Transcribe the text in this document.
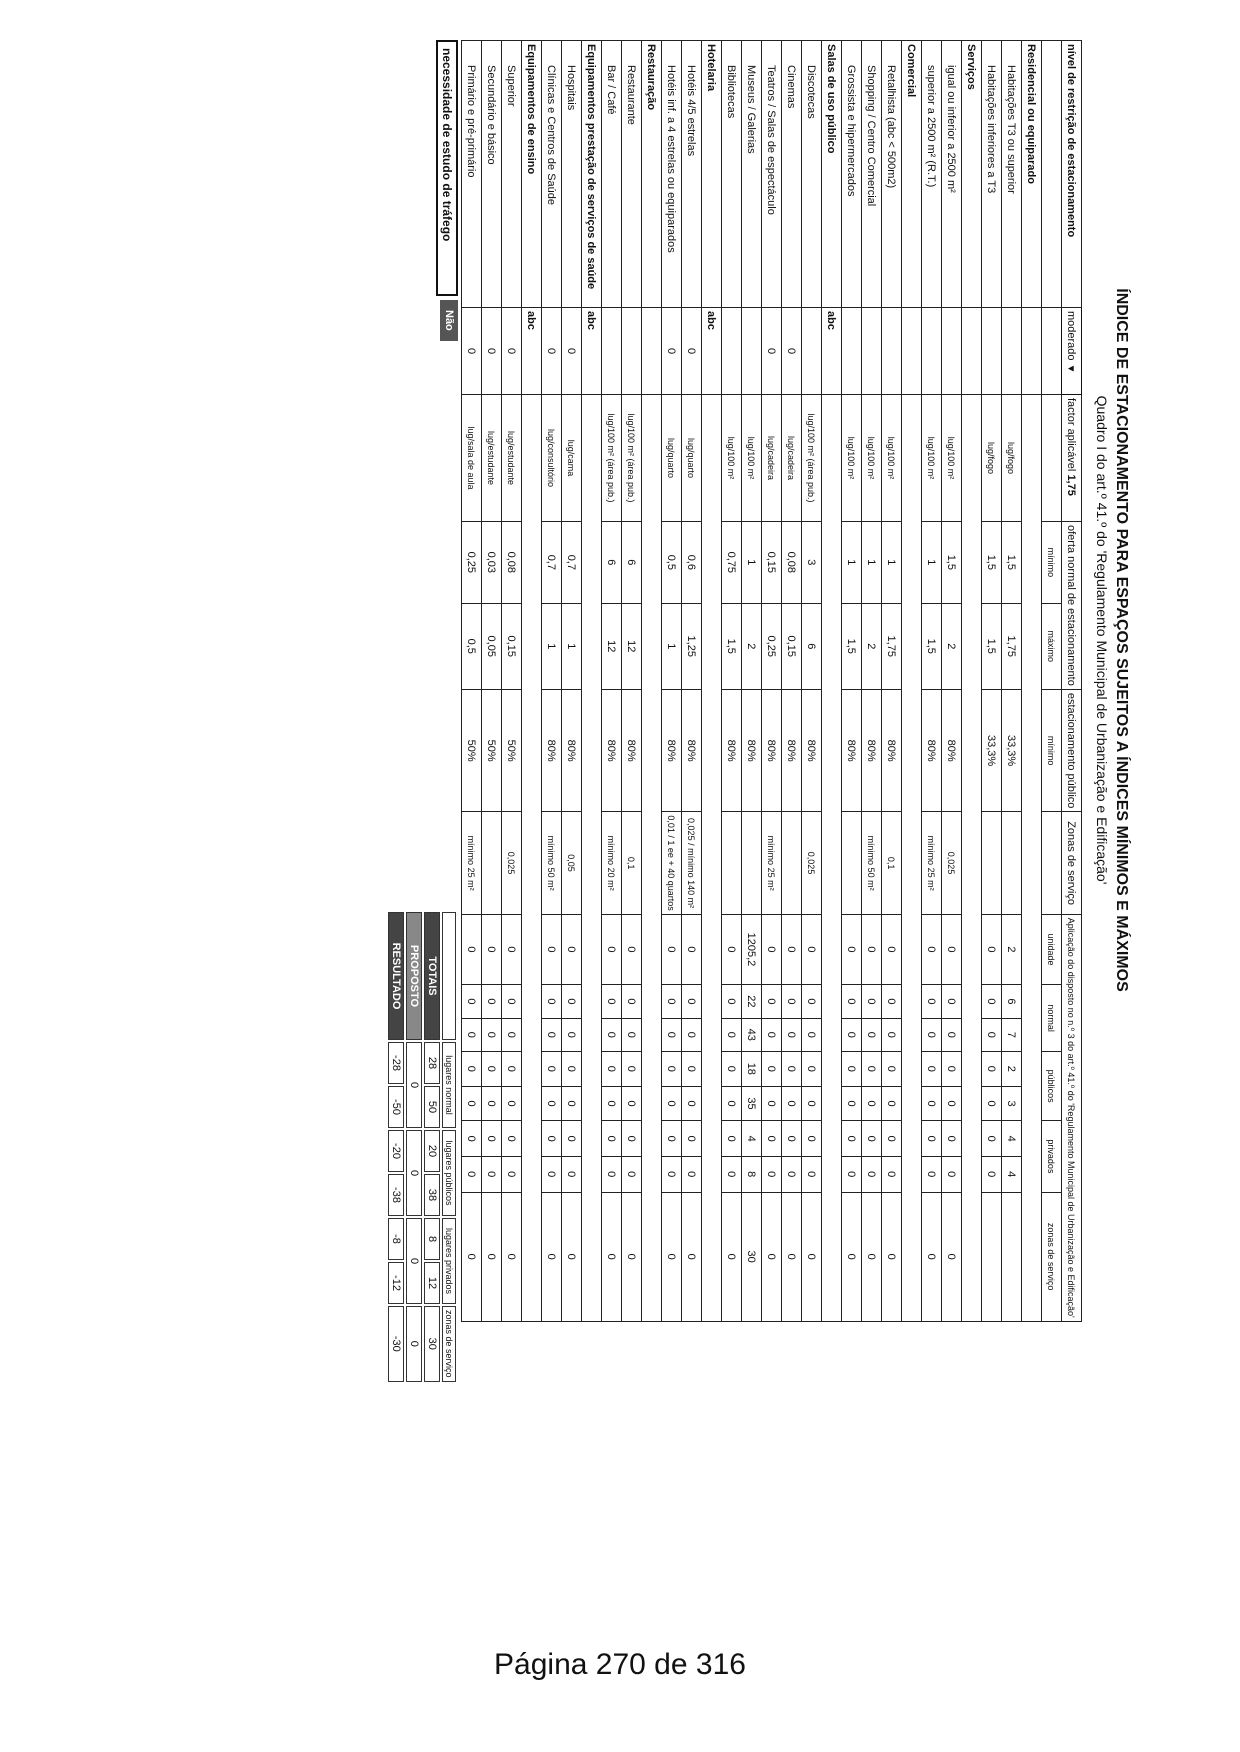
ÍNDICE DE ESTACIONAMENTO PARA ESPAÇOS SUJEITOS A ÍNDICES MÍNIMOS E MÁXIMOS
Quadro I do art.º 41.º do 'Regulamento Municipal de Urbanização e Edificação'
nível de restrição de estacionamento	moderado ▼	factor aplicável 1,75	oferta normal de estacionamento		estacionamento público	Zonas de serviço	Aplicação do disposto no n.º 3 do art.º 41.º do 'Regulamento Municipal de Urbanização e Edificação'							
			mínimo	máximo	mínimo		unidade	normal		públicos		privados		zonas de serviço
Residencial ou equiparado														
Habitações T3 ou superior		lug/fogo	1,5	1,75	33,3%		2	6	7	2	3	4	4	
Habitações inferiores a T3		lug/fogo	1,5	1,5	33,3%		0	0	0	0	0	0	0	
Serviços														
igual ou inferior a 2500 m²		lug/100 m²	1,5	2	80%	0,025	0	0	0	0	0	0	0	0
superior a 2500 m² (R.T.)		lug/100 m²	1	1,5	80%	mínimo 25 m²	0	0	0	0	0	0	0	0
Comercial														
Retalhista (abc < 500m2)		lug/100 m²	1	1,75	80%	0,1	0	0	0	0	0	0	0	0
Shopping / Centro Comercial		lug/100 m²	1	2	80%	mínimo 50 m²	0	0	0	0	0	0	0	0
Grossista e hipermercados		lug/100 m²	1	1,5	80%		0	0	0	0	0	0	0	0
Salas de uso público	abc													
Discotecas		lug/100 m² (área pub.)	3	6	80%	0,025	0	0	0	0	0	0	0	0
Cinemas	0	lug/cadeira	0,08	0,15	80%		0	0	0	0	0	0	0	0
Teatros / Salas de espectáculo	0	lug/cadeira	0,15	0,25	80%	mínimo 25 m²	0	0	0	0	0	0	0	0
Museus / Galerias		lug/100 m²	1	2	80%		1205,2	22	43	18	35	4	8	30
Bibliotecas		lug/100 m²	0,75	1,5	80%		0	0	0	0	0	0	0	0
Hotelaria	abc													
Hotéis 4/5 estrelas	0	lug/quarto	0,6	1,25	80%	0,025 / mínimo 140 m²	0	0	0	0	0	0	0	0
Hotéis inf. a 4 estrelas ou equiparados	0	lug/quarto	0,5	1	80%	0,01 / 1 ee + 40 quartos	0	0	0	0	0	0	0	0
Restauração														
Restaurante		lug/100 m² (área pub.)	6	12	80%	0,1	0	0	0	0	0	0	0	0
Bar / Café		lug/100 m² (área pub.)	6	12	80%	mínimo 20 m²	0	0	0	0	0	0	0	0
Equipamentos prestação de serviços de saúde	abc													
Hospitais	0	lug/cama	0,7	1	80%	0,05	0	0	0	0	0	0	0	0
Clínicas e Centros de Saúde	0	lug/consultório	0,7	1	80%	mínimo 50 m²	0	0	0	0	0	0	0	0
Equipamentos de ensino	abc													
Superior	0	lug/estudante	0,08	0,15	50%	0,025	0	0	0	0	0	0	0	0
Secundário e básico	0	lug/estudante	0,03	0,05	50%		0	0	0	0	0	0	0	0
Primário e pré-primário	0	lug/sala de aula	0,25	0,5	50%	mínimo 25 m²	0	0	0	0	0	0	0	0
necessidade de estudo de tráfego
Não
	lugares normal		lugares públicos		lugares privados		zonas de serviço
TOTAIS	28	50	20	38	8	12	30
PROPOSTO	0		0		0		0
RESULTADO	-28	-50	-20	-38	-8	-12	-30
Página 270 de 316
